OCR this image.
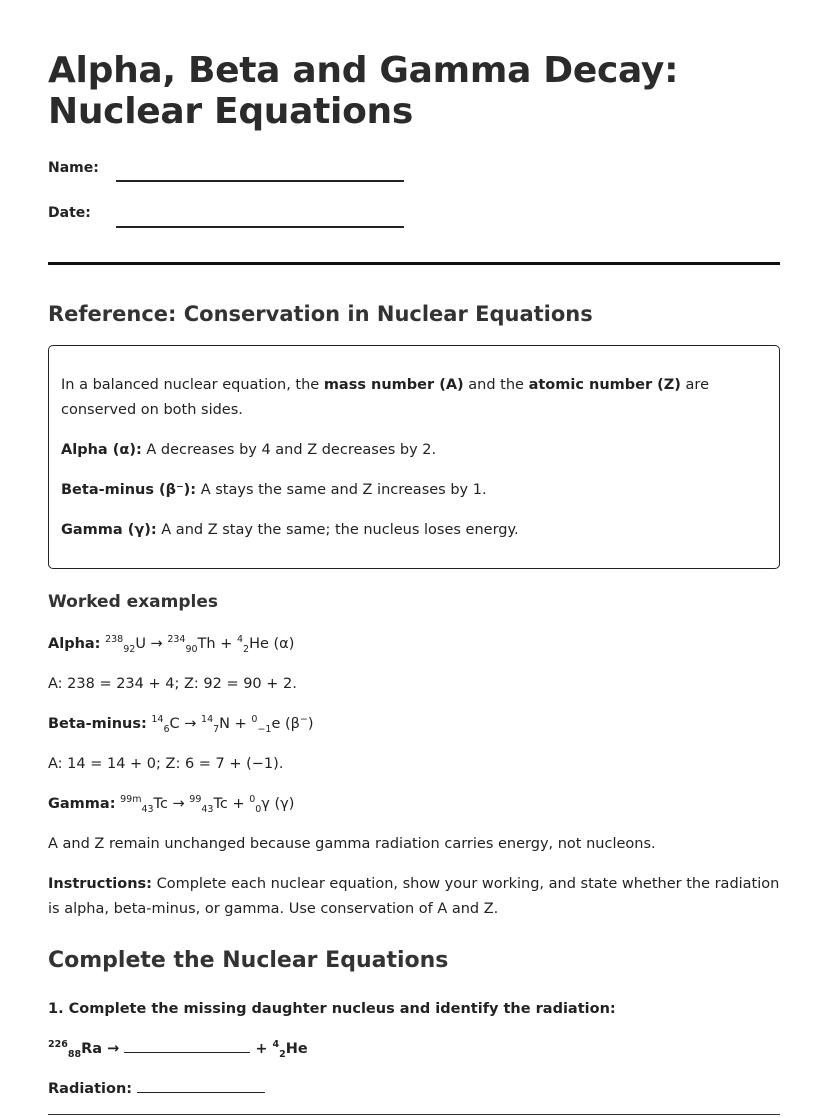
Alpha, Beta and Gamma Decay:
Nuclear Equations
Name:
Date:
Reference: Conservation in Nuclear Equations

In a balanced nuclear equation, the mass number (A) and the atomic number (Z) are conserved on both sides.

Alpha (α): A decreases by 4 and Z decreases by 2.

Beta-minus (β⁻): A stays the same and Z increases by 1.

Gamma (γ): A and Z stay the same; the nucleus loses energy.

Worked examples
Alpha: $^{238}_{92}$U → $^{234}_{90}$Th + $^4_2$He (α)
A: 238 = 234 + 4; Z: 92 = 90 + 2.
Beta-minus: $^{14}_6$C → $^{14}_7$N + $^0_{-1}$e (β−)
A: 14 = 14 + 0; Z: 6 = 7 + (−1).
Gamma: $^{99m}_{43}$Tc → $^{99}_{43}$Tc + $^0_0$γ (γ)
A and Z remain unchanged because gamma radiation carries energy, not nucleons.
Instructions: Complete each nuclear equation, show your working, and state whether the radiation is alpha, beta-minus, or gamma. Use conservation of A and Z.
Complete the Nuclear Equations
1. Complete the missing daughter nucleus and identify the radiation:
$^{226}_{88}$Ra →	+ $^4_2$He
Radiation:
